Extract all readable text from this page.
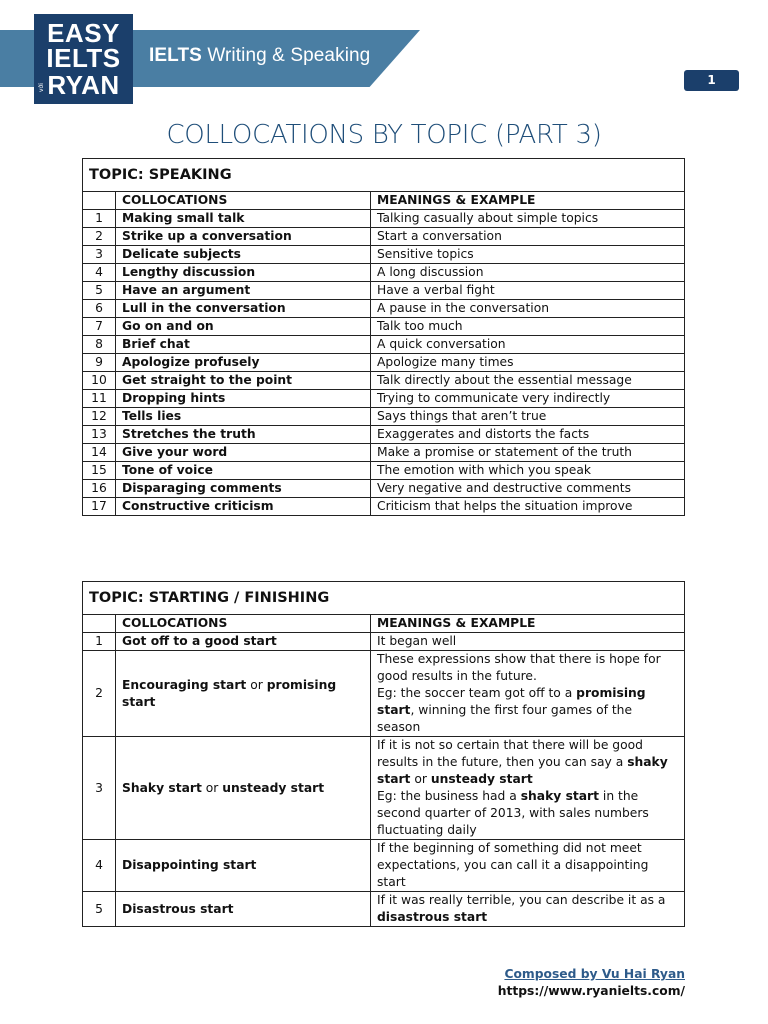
IELTS Writing & Speaking
EASY
IELTS
RYAN
với
1
COLLOCATIONS BY TOPIC (PART 3)
TOPIC: SPEAKING		
	COLLOCATIONS	MEANINGS & EXAMPLE
1	Making small talk	Talking casually about simple topics
2	Strike up a conversation	Start a conversation
3	Delicate subjects	Sensitive topics
4	Lengthy discussion	A long discussion
5	Have an argument	Have a verbal fight
6	Lull in the conversation	A pause in the conversation
7	Go on and on	Talk too much
8	Brief chat	A quick conversation
9	Apologize profusely	Apologize many times
10	Get straight to the point	Talk directly about the essential message
11	Dropping hints	Trying to communicate very indirectly
12	Tells lies	Says things that aren’t true
13	Stretches the truth	Exaggerates and distorts the facts
14	Give your word	Make a promise or statement of the truth
15	Tone of voice	The emotion with which you speak
16	Disparaging comments	Very negative and destructive comments
17	Constructive criticism	Criticism that helps the situation improve
TOPIC: STARTING / FINISHING		
	COLLOCATIONS	MEANINGS & EXAMPLE
1	Got off to a good start	It began well
2	Encouraging start or promising start	These expressions show that there is hope for good results in the future.
Eg: the soccer team got off to a promising start, winning the first four games of the season
3	Shaky start or unsteady start	If it is not so certain that there will be good results in the future, then you can say a shaky start or unsteady start
Eg: the business had a shaky start in the second quarter of 2013, with sales numbers fluctuating daily
4	Disappointing start	If the beginning of something did not meet expectations, you can call it a disappointing start
5	Disastrous start	If it was really terrible, you can describe it as a disastrous start
Composed by Vu Hai Ryan
https://www.ryanielts.com/
